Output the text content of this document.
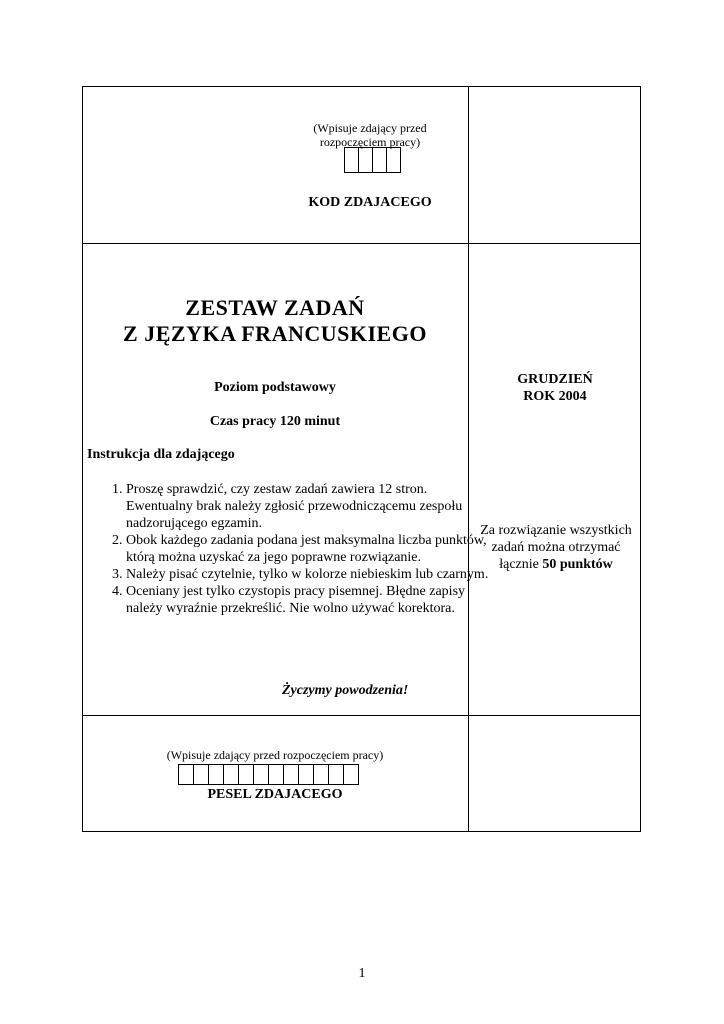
(Wpisuje zdający przed rozpoczęciem pracy)
KOD ZDAJACEGO
ZESTAW ZADAŃ
Z JĘZYKA FRANCUSKIEGO
Poziom podstawowy
Czas pracy 120 minut
Instrukcja dla zdającego
1. Proszę sprawdzić, czy zestaw zadań zawiera 12 stron. Ewentualny brak należy zgłosić przewodniczącemu zespołu nadzorującego egzamin.
2. Obok każdego zadania podana jest maksymalna liczba punktów, którą można uzyskać za jego poprawne rozwiązanie.
3. Należy pisać czytelnie, tylko w kolorze niebieskim lub czarnym.
4. Oceniany jest tylko czystopis pracy pisemnej. Błędne zapisy należy wyraźnie przekreślić. Nie wolno używać korektora.
Życzymy powodzenia!
GRUDZIEŃ
ROK 2004
Za rozwiązanie wszystkich zadań można otrzymać łącznie 50 punktów
(Wpisuje zdający przed rozpoczęciem pracy)
PESEL ZDAJACEGO
1
